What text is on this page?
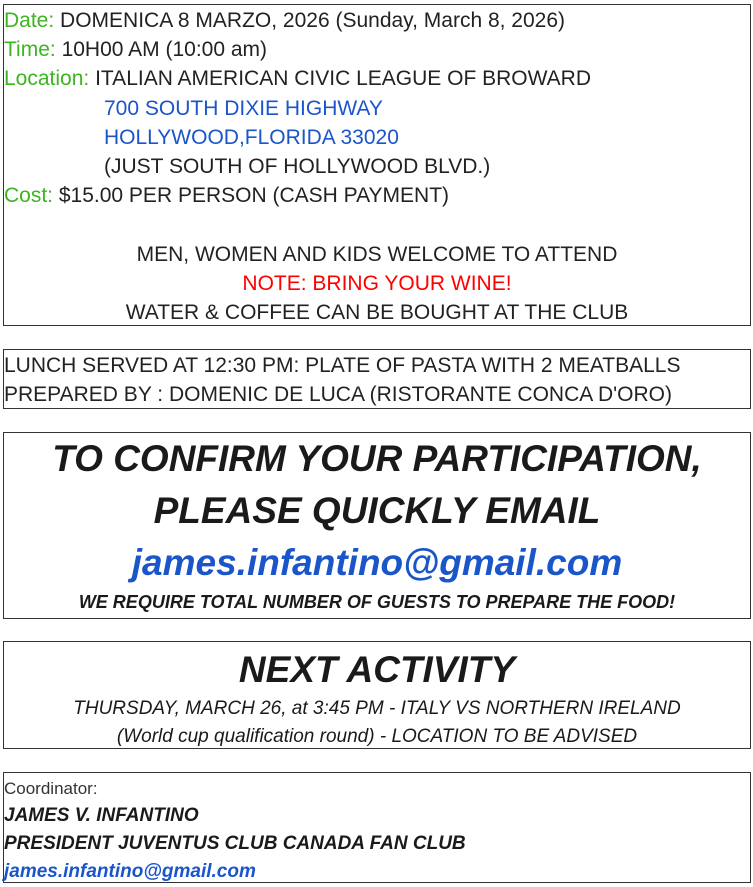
Date: DOMENICA 8 MARZO, 2026 (Sunday, March 8, 2026)
Time: 10H00 AM (10:00 am)
Location: ITALIAN AMERICAN CIVIC LEAGUE OF BROWARD
700 SOUTH DIXIE HIGHWAY
HOLLYWOOD,FLORIDA 33020
(JUST SOUTH OF HOLLYWOOD BLVD.)
Cost: $15.00 PER PERSON (CASH PAYMENT)

MEN, WOMEN AND KIDS WELCOME TO ATTEND
NOTE: BRING YOUR WINE!
WATER & COFFEE CAN BE BOUGHT AT THE CLUB
LUNCH SERVED AT 12:30 PM: PLATE OF PASTA WITH 2 MEATBALLS
PREPARED BY : DOMENIC DE LUCA (RISTORANTE CONCA D'ORO)
TO CONFIRM YOUR PARTICIPATION,
PLEASE QUICKLY EMAIL
james.infantino@gmail.com
WE REQUIRE TOTAL NUMBER OF GUESTS TO PREPARE THE FOOD!
NEXT ACTIVITY
THURSDAY, MARCH 26, at 3:45 PM - ITALY VS NORTHERN IRELAND
(World cup qualification round) - LOCATION TO BE ADVISED
Coordinator:
JAMES V. INFANTINO
PRESIDENT JUVENTUS CLUB CANADA FAN CLUB
james.infantino@gmail.com
